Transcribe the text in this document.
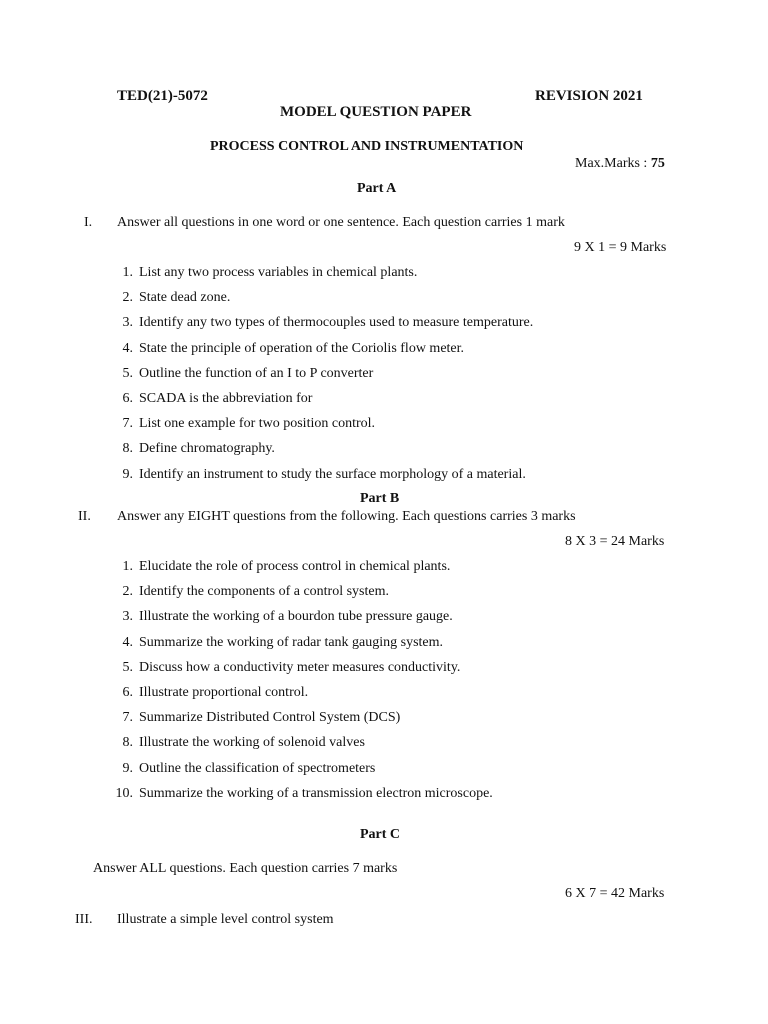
TED(21)-5072	REVISION 2021
MODEL QUESTION PAPER
PROCESS CONTROL AND INSTRUMENTATION
Max.Marks : 75
Part A
I. Answer all questions in one word or one sentence. Each question carries 1 mark
9 X 1 = 9 Marks
1. List any two process variables in chemical plants.
2. State dead zone.
3. Identify any two types of thermocouples used to measure temperature.
4. State the principle of operation of the Coriolis flow meter.
5. Outline the function of an I to P converter
6. SCADA is the abbreviation for
7. List one example for two position control.
8. Define chromatography.
9. Identify an instrument to study the surface morphology of a material.
Part B
II. Answer any EIGHT questions from the following. Each questions carries 3 marks
8 X 3 = 24 Marks
1. Elucidate the role of process control in chemical plants.
2. Identify the components of a control system.
3. Illustrate the working of a bourdon tube pressure gauge.
4. Summarize the working of radar tank gauging system.
5. Discuss how a conductivity meter measures conductivity.
6. Illustrate proportional control.
7. Summarize Distributed Control System (DCS)
8. Illustrate the working of solenoid valves
9. Outline the classification of spectrometers
10. Summarize the working of a transmission electron microscope.
Part C
Answer ALL questions. Each question carries 7 marks
6 X 7 = 42 Marks
III. Illustrate a simple level control system
